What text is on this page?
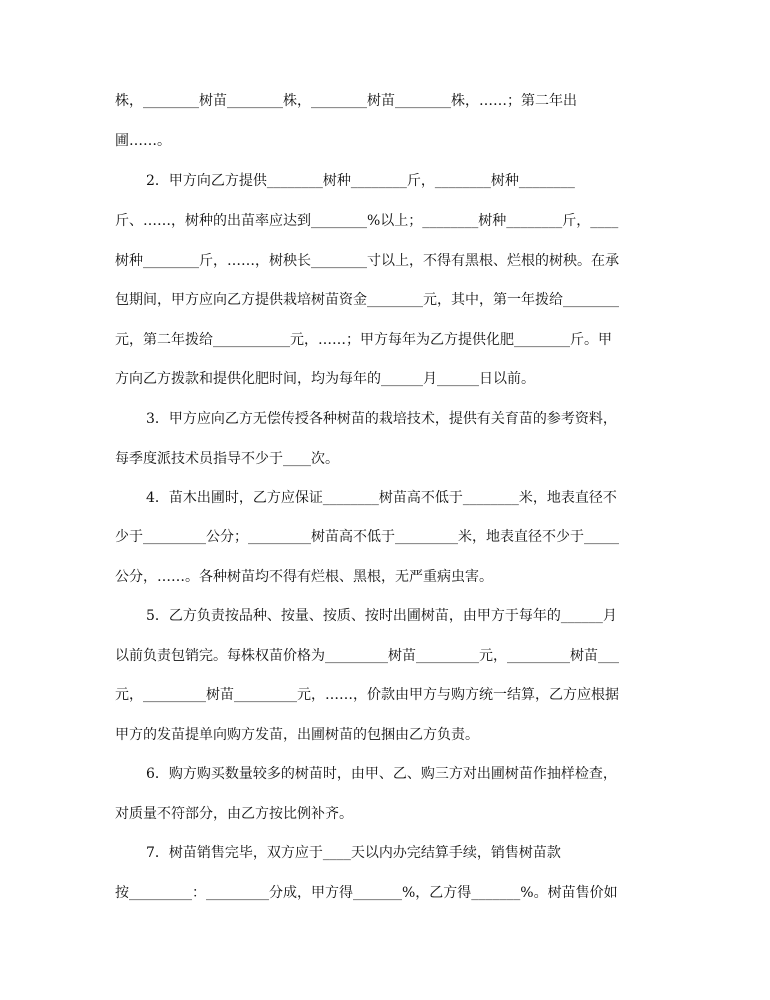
株，________树苗________株，________树苗________株，……；第二年出
圃……。
2．甲方向乙方提供________树种________斤，________树种________
斤、……，树种的出苗率应达到________%以上；________树种________斤，____
树种________斤，……，树秧长________寸以上，不得有黑根、烂根的树秧。在承
包期间，甲方应向乙方提供栽培树苗资金________元，其中，第一年拨给________
元，第二年拨给___________元，……；甲方每年为乙方提供化肥________斤。甲
方向乙方拨款和提供化肥时间，均为每年的______月______日以前。
3．甲方应向乙方无偿传授各种树苗的栽培技术，提供有关育苗的参考资料，
每季度派技术员指导不少于____次。
4．苗木出圃时，乙方应保证________树苗高不低于________米，地表直径不
少于_________公分；_________树苗高不低于_________米，地表直径不少于_____
公分，……。各种树苗均不得有烂根、黑根，无严重病虫害。
5．乙方负责按品种、按量、按质、按时出圃树苗，由甲方于每年的______月
以前负责包销完。每株权苗价格为_________树苗_________元，_________树苗___
元，_________树苗_________元，……，价款由甲方与购方统一结算，乙方应根据
甲方的发苗提单向购方发苗，出圃树苗的包捆由乙方负责。
6．购方购买数量较多的树苗时，由甲、乙、购三方对出圃树苗作抽样检查，
对质量不符部分，由乙方按比例补齐。
7．树苗销售完毕，双方应于____天以内办完结算手续，销售树苗款
按_________：_________分成，甲方得_______%，乙方得_______%。树苗售价如
